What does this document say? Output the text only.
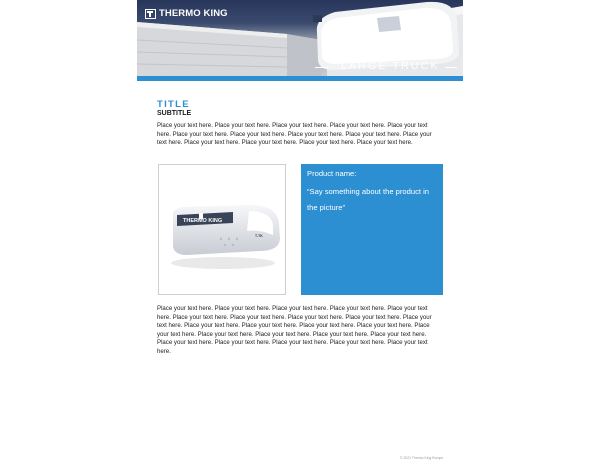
THERMO KING
LARGE TRUCK
TITLE
SUBTITLE

Place your text here. Place your text here. Place your text here. Place your text here. Place your text here. Place your text here. Place your text here. Place your text here. Place your text here. Place your text here. Place your text here. Place your text here. Place your text here. Place your text here.

THERMO KING
T-TK

Product name:

“Say something about the product in the picture”

Place your text here. Place your text here. Place your text here. Place your text here. Place your text here. Place your text here. Place your text here. Place your text here. Place your text here. Place your text here. Place your text here. Place your text here. Place your text here. Place your text here. Place your text here. Place your text here. Place your text here. Place your text here. Place your text here. Place your text here. Place your text here. Place your text here. Place your text here. Place your text here.

© 2021 Thermo King Europe
